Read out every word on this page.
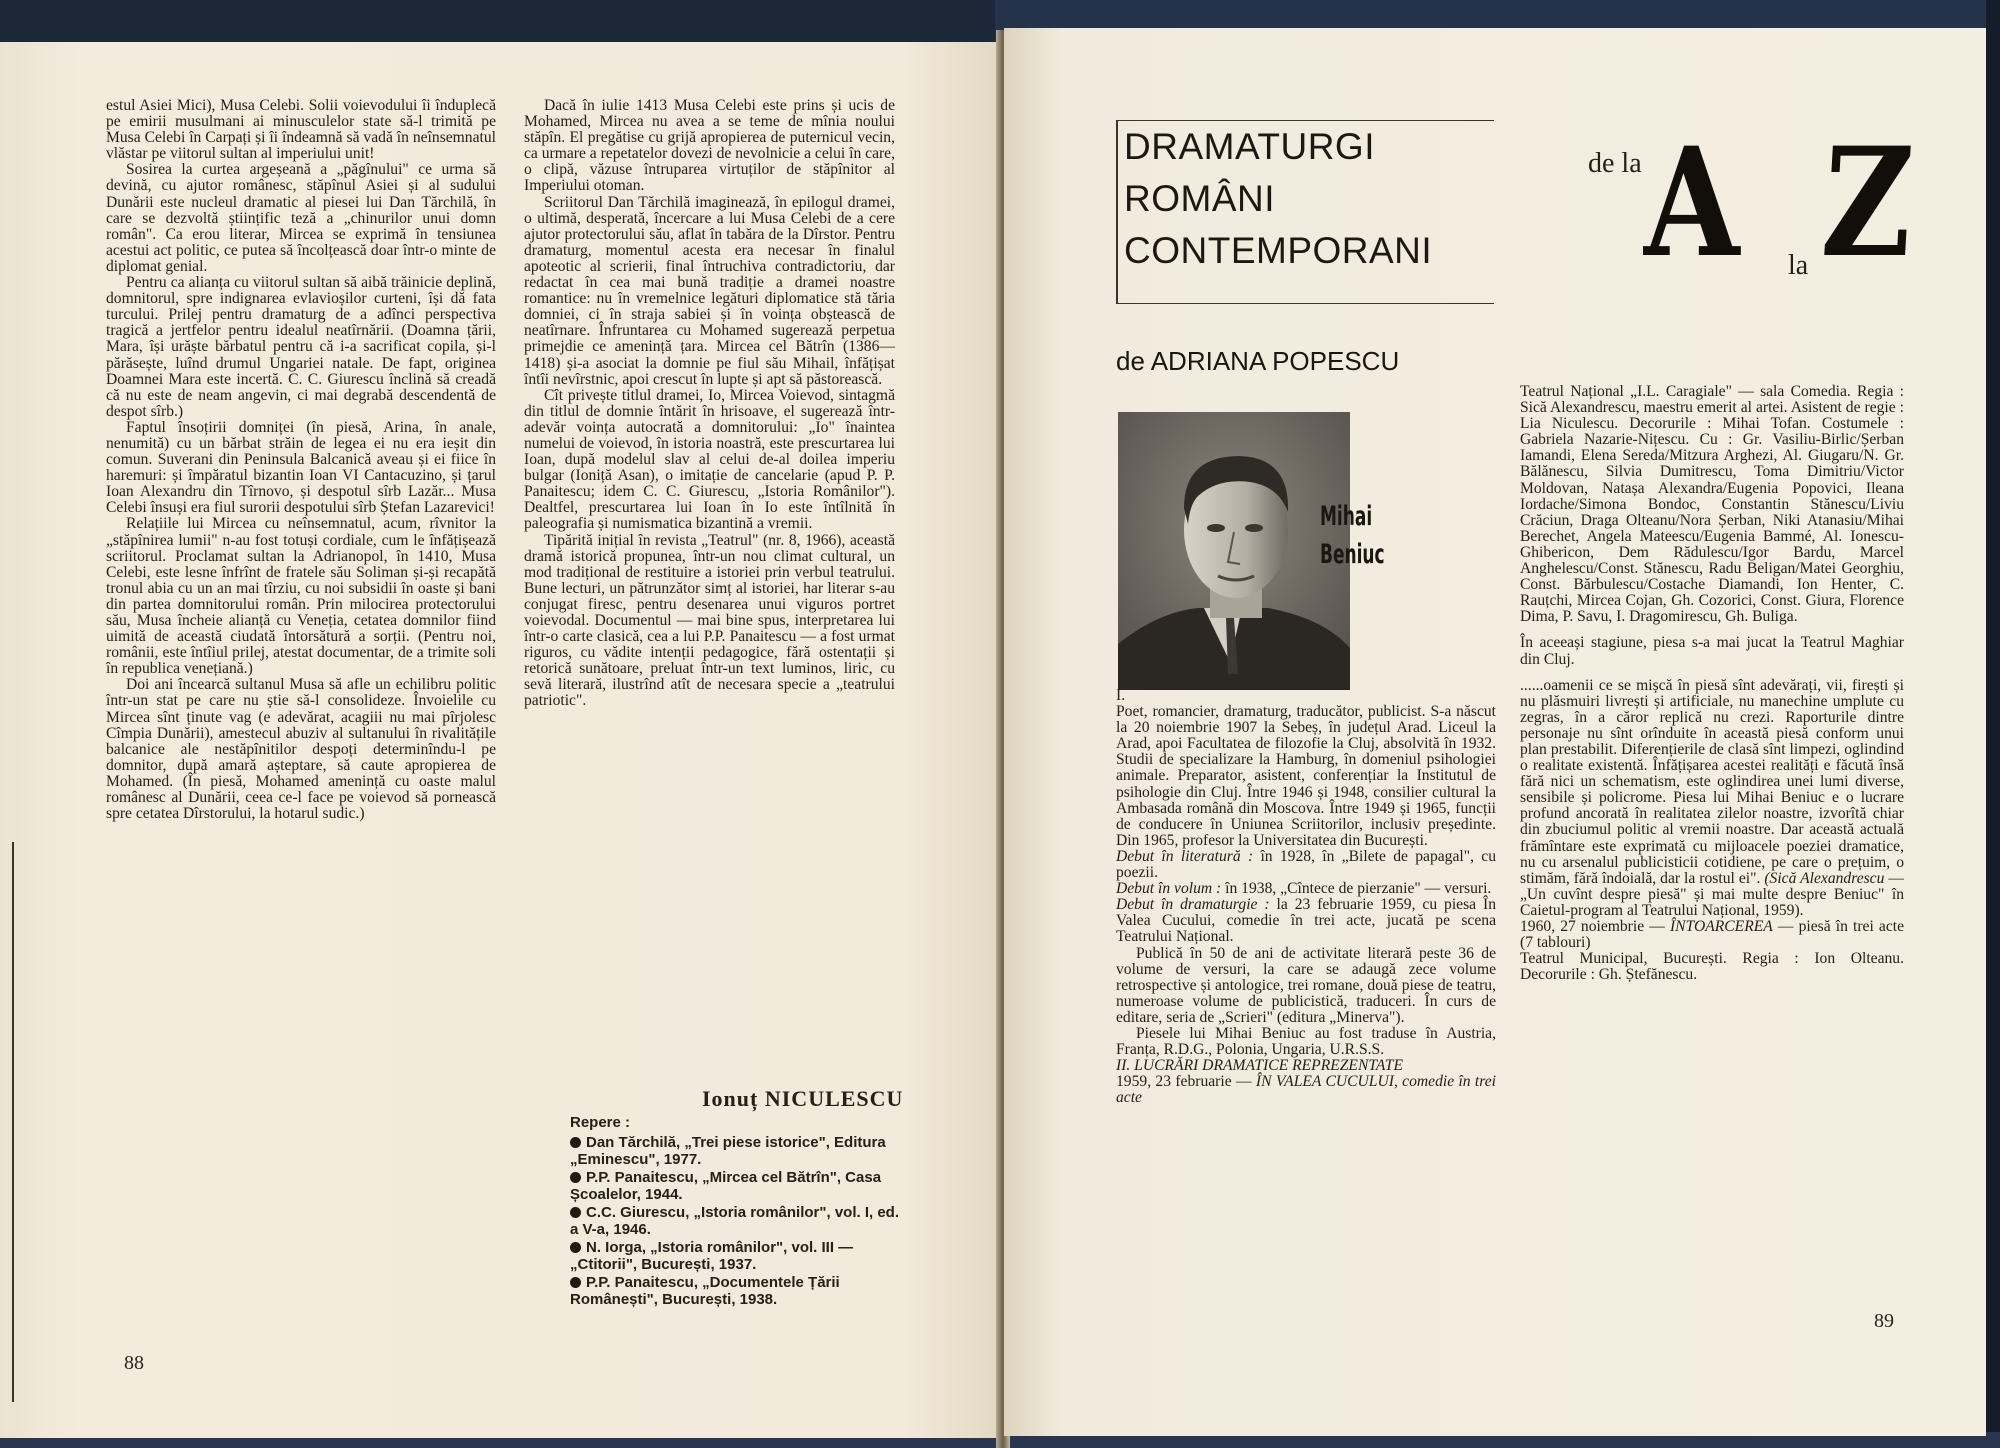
estul Asiei Mici), Musa Celebi. Solii voievodului îi înduplecă pe emirii musulmani ai minusculelor state să-l trimită pe Musa Celebi în Carpați și îi îndeamnă să vadă în neînsemnatul vlăstar pe viitorul sultan al imperiului unit!

Sosirea la curtea argeșeană a „păgînului" ce urma să devină, cu ajutor românesc, stăpînul Asiei și al sudului Dunării este nucleul dramatic al piesei lui Dan Tărchilă, în care se dezvoltă științific teză a „chinurilor unui domn român". Ca erou literar, Mircea se exprimă în tensiunea acestui act politic, ce putea să încolțească doar într-o minte de diplomat genial.

Pentru ca alianța cu viitorul sultan să aibă trăinicie deplină, domnitorul, spre indignarea evlavioșilor curteni, își dă fata turcului. Prilej pentru dramaturg de a adînci perspectiva tragică a jertfelor pentru idealul neatîrnării. (Doamna țării, Mara, își urăște bărbatul pentru că i-a sacrificat copila, și-l părăsește, luînd drumul Ungariei natale. De fapt, originea Doamnei Mara este incertă. C. C. Giurescu înclină să creadă că nu este de neam angevin, ci mai degrabă descendentă de despot sîrb.)

Faptul însoțirii domniței (în piesă, Arina, în anale, nenumită) cu un bărbat străin de legea ei nu era ieșit din comun. Suverani din Peninsula Balcanică aveau și ei fiice în haremuri: și împăratul bizantin Ioan VI Cantacuzino, și țarul Ioan Alexandru din Tîrnovo, și despotul sîrb Lazăr... Musa Celebi însuși era fiul surorii despotului sîrb Ștefan Lazarevici!

Relațiile lui Mircea cu neînsemnatul, acum, rîvnitor la „stăpînirea lumii" n-au fost totuși cordiale, cum le înfățișează scriitorul. Proclamat sultan la Adrianopol, în 1410, Musa Celebi, este lesne înfrînt de fratele său Soliman și-și recapătă tronul abia cu un an mai tîrziu, cu noi subsidii în oaste și bani din partea domnitorului român. Prin milocirea protectorului său, Musa încheie alianță cu Veneția, cetatea domnilor fiind uimită de această ciudată întorsătură a sorții. (Pentru noi, românii, este întîiul prilej, atestat documentar, de a trimite soli în republica venețiană.)

Doi ani încearcă sultanul Musa să afle un echilibru politic într-un stat pe care nu știe să-l consolideze. Învoielile cu Mircea sînt ținute vag (e adevărat, acagiii nu mai pîrjolesc Cîmpia Dunării), amestecul abuziv al sultanului în rivalitățile balcanice ale nestăpînitilor despoți determinîndu-l pe domnitor, după amară așteptare, să caute apropierea de Mohamed. (În piesă, Mohamed amenință cu oaste malul românesc al Dunării, ceea ce-l face pe voievod să pornească spre cetatea Dîrstorului, la hotarul sudic.)

Dacă în iulie 1413 Musa Celebi este prins și ucis de Mohamed, Mircea nu avea a se teme de mînia noului stăpîn. El pregătise cu grijă apropierea de puternicul vecin, ca urmare a repetatelor dovezi de nevolnicie a celui în care, o clipă, văzuse întruparea virtuților de stăpînitor al Imperiului otoman.

Scriitorul Dan Tărchilă imaginează, în epilogul dramei, o ultimă, desperată, încercare a lui Musa Celebi de a cere ajutor protectorului său, aflat în tabăra de la Dîrstor. Pentru dramaturg, momentul acesta era necesar în finalul apoteotic al scrierii, final întruchiva contradictoriu, dar redactat în cea mai bună tradiție a dramei noastre romantice: nu în vremelnice legături diplomatice stă tăria domniei, ci în straja sabiei și în voința obștească de neatîrnare. Înfruntarea cu Mohamed sugerează perpetua primejdie ce amenință țara. Mircea cel Bătrîn (1386—1418) și-a asociat la domnie pe fiul său Mihail, înfățișat întîi nevîrstnic, apoi crescut în lupte și apt să păstorească.

Cît privește titlul dramei, Io, Mircea Voievod, sintagmă din titlul de domnie întărit în hrisoave, el sugerează într-adevăr voința autocrată a domnitorului: „Io" înaintea numelui de voievod, în istoria noastră, este prescurtarea lui Ioan, după modelul slav al celui de-al doilea imperiu bulgar (Ioniță Asan), o imitație de cancelarie (apud P. P. Panaitescu; idem C. C. Giurescu, „Istoria Românilor"). Dealtfel, prescurtarea lui Ioan în Io este întîlnită în paleografia și numismatica bizantină a vremii.

Tipărită inițial în revista „Teatrul" (nr. 8, 1966), această dramă istorică propunea, într-un nou climat cultural, un mod tradițional de restituire a istoriei prin verbul teatrului. Bune lecturi, un pătrunzător simț al istoriei, har literar s-au conjugat firesc, pentru desenarea unui viguros portret voievodal. Documentul — mai bine spus, interpretarea lui într-o carte clasică, cea a lui P.P. Panaitescu — a fost urmat riguros, cu vădite intenții pedagogice, fără ostentații și retorică sunătoare, preluat într-un text luminos, liric, cu sevă literară, ilustrînd atît de necesara specie a „teatrului patriotic".

Ionuț NICULESCU
Repere :
Dan Tărchilă, „Trei piese istorice", Editura „Eminescu", 1977.
P.P. Panaitescu, „Mircea cel Bătrîn", Casa Școalelor, 1944.
C.C. Giurescu, „Istoria românilor", vol. I, ed. a V-a, 1946.
N. Iorga, „Istoria românilor", vol. III — „Ctitorii", București, 1937.
P.P. Panaitescu, „Documentele Țării Românești", București, 1938.
88
DRAMATURGI
ROMÂNI
CONTEMPORANI
de la A la Z
de ADRIANA POPESCU
Mihai
Beniuc

I.

Poet, romancier, dramaturg, traducător, publicist. S-a născut la 20 noiembrie 1907 la Sebeș, în județul Arad. Liceul la Arad, apoi Facultatea de filozofie la Cluj, absolvită în 1932. Studii de specializare la Hamburg, în domeniul psihologiei animale. Preparator, asistent, conferențiar la Institutul de psihologie din Cluj. Între 1946 și 1948, consilier cultural la Ambasada română din Moscova. Între 1949 și 1965, funcții de conducere în Uniunea Scriitorilor, inclusiv președinte. Din 1965, profesor la Universitatea din București.

Debut în literatură : în 1928, în „Bilete de papagal", cu poezii.

Debut în volum : în 1938, „Cîntece de pierzanie" — versuri.

Debut în dramaturgie : la 23 februarie 1959, cu piesa În Valea Cucului, comedie în trei acte, jucată pe scena Teatrului Național.

Publică în 50 de ani de activitate literară peste 36 de volume de versuri, la care se adaugă zece volume retrospective și antologice, trei romane, două piese de teatru, numeroase volume de publicistică, traduceri. În curs de editare, seria de „Scrieri" (editura „Minerva").

Piesele lui Mihai Beniuc au fost traduse în Austria, Franța, R.D.G., Polonia, Ungaria, U.R.S.S.

II. LUCRĂRI DRAMATICE REPREZENTATE

1959, 23 februarie — ÎN VALEA CUCULUI, comedie în trei acte

Teatrul Național „I.L. Caragiale" — sala Comedia. Regia : Sică Alexandrescu, maestru emerit al artei. Asistent de regie : Lia Niculescu. Decorurile : Mihai Tofan. Costumele : Gabriela Nazarie-Nițescu. Cu : Gr. Vasiliu-Birlic/Șerban Iamandi, Elena Sereda/Mitzura Arghezi, Al. Giugaru/N. Gr. Bălănescu, Silvia Dumitrescu, Toma Dimitriu/Victor Moldovan, Natașa Alexandra/Eugenia Popovici, Ileana Iordache/Simona Bondoc, Constantin Stănescu/Liviu Crăciun, Draga Olteanu/Nora Șerban, Niki Atanasiu/Mihai Berechet, Angela Mateescu/Eugenia Bammé, Al. Ionescu-Ghibericon, Dem Rădulescu/Igor Bardu, Marcel Anghelescu/Const. Stănescu, Radu Beligan/Matei Georghiu, Const. Bărbulescu/Costache Diamandi, Ion Henter, C. Rauțchi, Mircea Cojan, Gh. Cozorici, Const. Giura, Florence Dima, P. Savu, I. Dragomirescu, Gh. Buliga.

În aceeași stagiune, piesa s-a mai jucat la Teatrul Maghiar din Cluj.

......oamenii ce se mișcă în piesă sînt adevărați, vii, firești și nu plăsmuiri livrești și artificiale, nu manechine umplute cu zegras, în a căror replică nu crezi. Raporturile dintre personaje nu sînt orînduite în această piesă conform unui plan prestabilit. Diferențierile de clasă sînt limpezi, oglindind o realitate existentă. Înfățișarea acestei realități e făcută însă fără nici un schematism, este oglindirea unei lumi diverse, sensibile și policrome. Piesa lui Mihai Beniuc e o lucrare profund ancorată în realitatea zilelor noastre, izvorîtă chiar din zbuciumul politic al vremii noastre. Dar această actuală frămîntare este exprimată cu mijloacele poeziei dramatice, nu cu arsenalul publicisticii cotidiene, pe care o prețuim, o stimăm, fără îndoială, dar la rostul ei". (Sică Alexandrescu — „Un cuvînt despre piesă" și mai multe despre Beniuc" în Caietul-program al Teatrului Național, 1959).

1960, 27 noiembrie — ÎNTOARCEREA — piesă în trei acte (7 tablouri)

Teatrul Municipal, București. Regia : Ion Olteanu. Decorurile : Gh. Ștefănescu.

89
